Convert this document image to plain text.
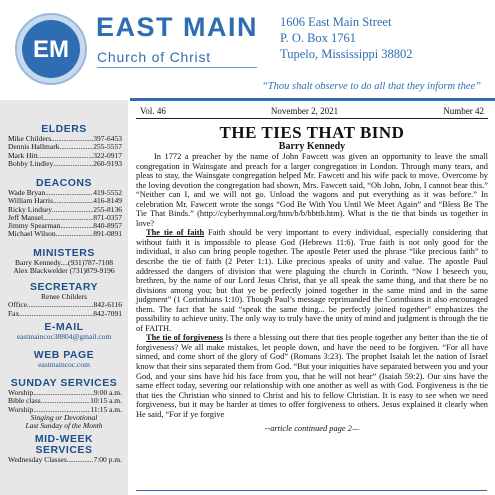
EM
EAST MAIN
Church of Christ
1606 East Main Street
P. O. Box 1761
Tupelo, Mississippi 38802
“Thou shalt observe to do all that they inform thee”
ELDERS
Mike Childers .....	397-6453
Dennis Hallmark .....	255-5557
Mark Hitt .....	322-0917
Bobby Lindley .....	260-9193
DEACONS
Wade Bryan .....	419-5552
William Harris .....	416-8149
Ricky Lindsey .....	255-8136
Jeff Mansel .....	871-0357
Jimmy Spearman .....	840-8957
Michael Wilson .....	891-0891
MINISTERS
Barry Kennedy....(931)787-7108
Alex Blackwelder (731)879-9196
SECRETARY
Renee Childers
Office .....	842-6116
Fax .....	842-7091
E-MAIL
eastmaincoc38804@gmail.com
WEB PAGE
eastmaincoc.com
SUNDAY SERVICES
Worship .....	9:00 a.m.
Bible class .....	10:15 a.m.
Worship .....	11:15 a.m.
Singing or Devotional
Last Sunday of the Month
MID-WEEK
SERVICES
Wednesday Classes .....	7:00 p.m.
Vol. 46	November 2, 2021	Number 42
THE TIES THAT BIND
Barry Kennedy

In 1772 a preacher by the name of John Fawcett was given an opportunity to leave the small congregation in Wainsgate and preach for a larger congregation in London. Through many tears, and pleas to stay, the Wainsgate congregation helped Mr. Fawcett and his wife pack to move. Overcome by the loving devotion the congregation had shown, Mrs. Fawcett said, “Oh John, John, I cannot bear this.” “Neither can I, and we will not go. Unload the wagons and put everything as it was before.” In celebration Mr. Fawcett wrote the songs “God Be With You Until We Meet Again” and “Bless Be The Tie That Binds.” (http://cyberhymnal.org/htm/b/b/bbttb.htm). What is the tie that binds us together in love?

The tie of faith Faith should be very important to every individual, especially considering that without faith it is impossible to please God (Hebrews 11:6). True faith is not only good for the individual, it also can bring people together. The apostle Peter used the phrase “like precious faith” to describe the tie of faith (2 Peter 1:1). Like precious speaks of unity and value. The apostle Paul addressed the dangers of division that were plaguing the church in Corinth. “Now I beseech you, brethren, by the name of our Lord Jesus Christ, that ye all speak the same thing, and that there be no divisions among you; but that ye be perfectly joined together in the same mind and in the same judgment” (1 Corinthians 1:10). Though Paul’s message reprimanded the Corinthians it also encouraged them. The fact that he said “speak the same thing... be perfectly joined together” emphasizes the possibility to achieve unity. The only way to truly have the unity of mind and judgment is through the tie of FAITH.

The tie of forgiveness Is there a blessing out there that ties people together any better than the tie of forgiveness? We all make mistakes, let people down, and have the need to be forgiven. “For all have sinned, and come short of the glory of God” (Romans 3:23). The prophet Isaiah let the nation of Israel know that their sins separated them from God. “But your iniquities have separated between you and your God, and your sins have hid his face from you, that he will not hear” (Isaiah 59:2). Our sins have the same effect today, severing our relationship with one another as well as with God. Forgiveness is the tie that ties the Christian who sinned to Christ and his to fellow Christian. It is easy to see when we need forgiveness, but it may be harder at times to offer forgiveness to others. Jesus explained it clearly when He said, “For if ye forgive

--article continued page 2—
